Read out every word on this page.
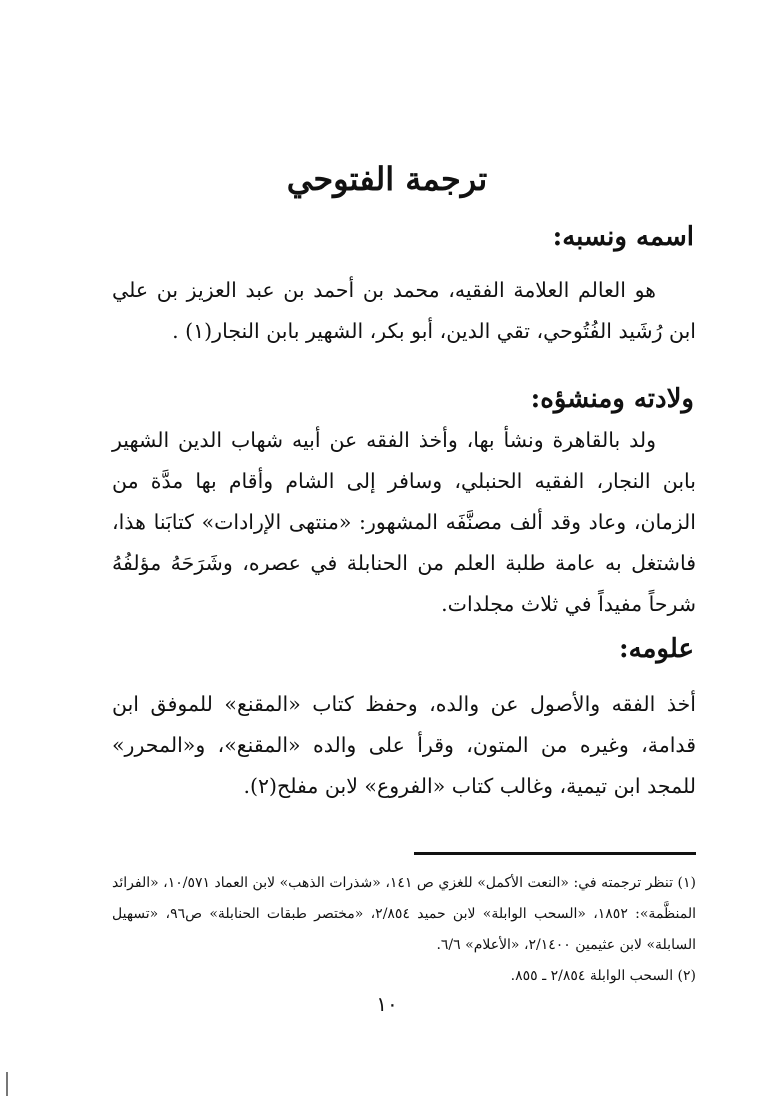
ترجمة الفتوحي
اسمه ونسبه:
هو العالم العلامة الفقيه، محمد بن أحمد بن عبد العزيز بن علي ابن رُشَيد الفُتُوحي، تقي الدين، أبو بكر، الشهير بابن النجار(١) .
ولادته ومنشؤه:
ولد بالقاهرة ونشأ بها، وأخذ الفقه عن أبيه شهاب الدين الشهير بابن النجار، الفقيه الحنبلي، وسافر إلى الشام وأقام بها مدَّة من الزمان، وعاد وقد ألف مصنَّفَه المشهور: «منتهى الإرادات» كتابَنا هذا، فاشتغل به عامة طلبة العلم من الحنابلة في عصره، وشَرَحَهُ مؤلفُهُ شرحاً مفيداً في ثلاث مجلدات.
علومه:
أخذ الفقه والأصول عن والده، وحفظ كتاب «المقنع» للموفق ابن قدامة، وغيره من المتون، وقرأ على والده «المقنع»، و«المحرر» للمجد ابن تيمية، وغالب كتاب «الفروع» لابن مفلح(٢).
(١) تنظر ترجمته في: «النعت الأكمل» للغزي ص ١٤١، «شذرات الذهب» لابن العماد ١٠/٥٧١، «الفرائد المنظَّمة»: ١٨٥٢، «السحب الوابلة» لابن حميد ٢/٨٥٤، «مختصر طبقات الحنابلة» ص٩٦، «تسهيل السابلة» لابن عثيمين ٢/١٤٠٠، «الأعلام» ٦/٦.
(٢) السحب الوابلة ٢/٨٥٤ ـ ٨٥٥.
١٠
